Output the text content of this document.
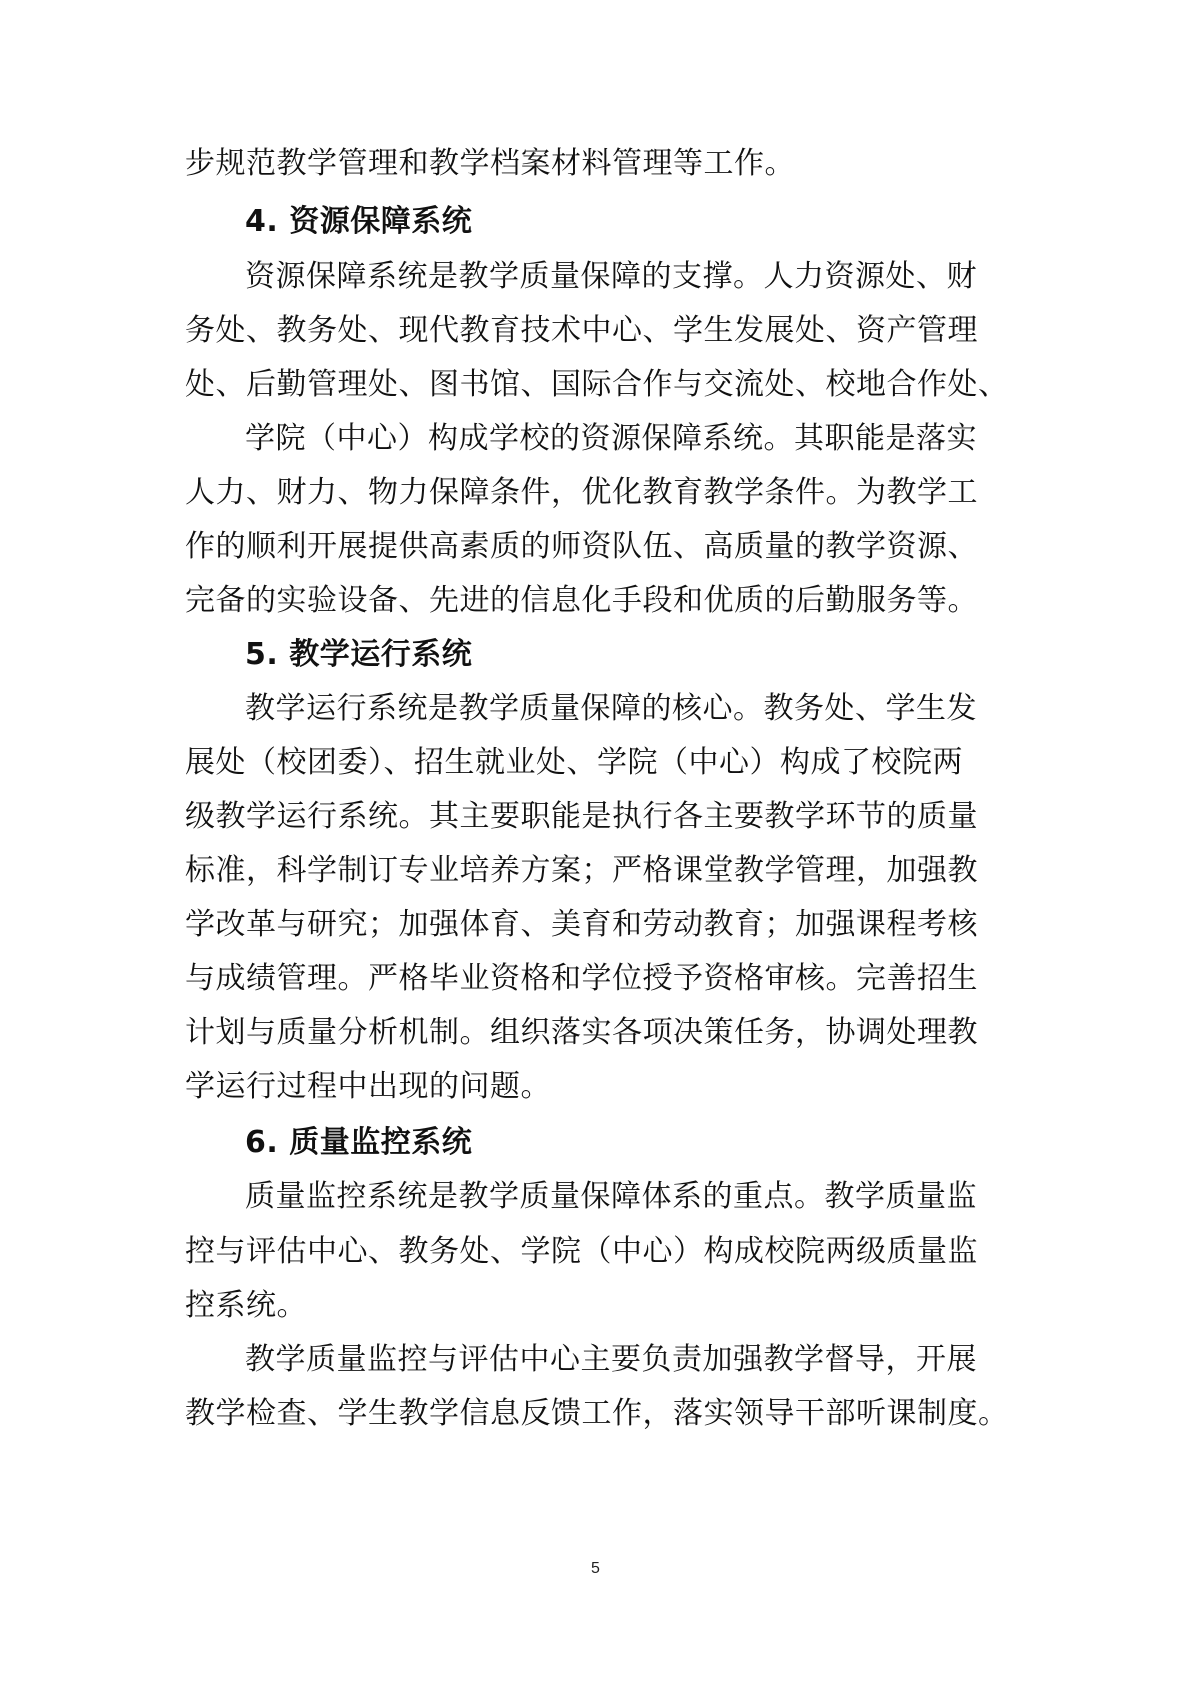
步规范教学管理和教学档案材料管理等工作。
4. 资源保障系统
资源保障系统是教学质量保障的支撑。人力资源处、财
务处、教务处、现代教育技术中心、学生发展处、资产管理
处、后勤管理处、图书馆、国际合作与交流处、校地合作处、
学院（中心）构成学校的资源保障系统。其职能是落实
人力、财力、物力保障条件，优化教育教学条件。为教学工
作的顺利开展提供高素质的师资队伍、高质量的教学资源、
完备的实验设备、先进的信息化手段和优质的后勤服务等。
5. 教学运行系统
教学运行系统是教学质量保障的核心。教务处、学生发
展处（校团委）、招生就业处、学院（中心）构成了校院两
级教学运行系统。其主要职能是执行各主要教学环节的质量
标准，科学制订专业培养方案；严格课堂教学管理，加强教
学改革与研究；加强体育、美育和劳动教育；加强课程考核
与成绩管理。严格毕业资格和学位授予资格审核。完善招生
计划与质量分析机制。组织落实各项决策任务，协调处理教
学运行过程中出现的问题。
6. 质量监控系统
质量监控系统是教学质量保障体系的重点。教学质量监
控与评估中心、教务处、学院（中心）构成校院两级质量监
控系统。
教学质量监控与评估中心主要负责加强教学督导，开展
教学检查、学生教学信息反馈工作，落实领导干部听课制度。
5
